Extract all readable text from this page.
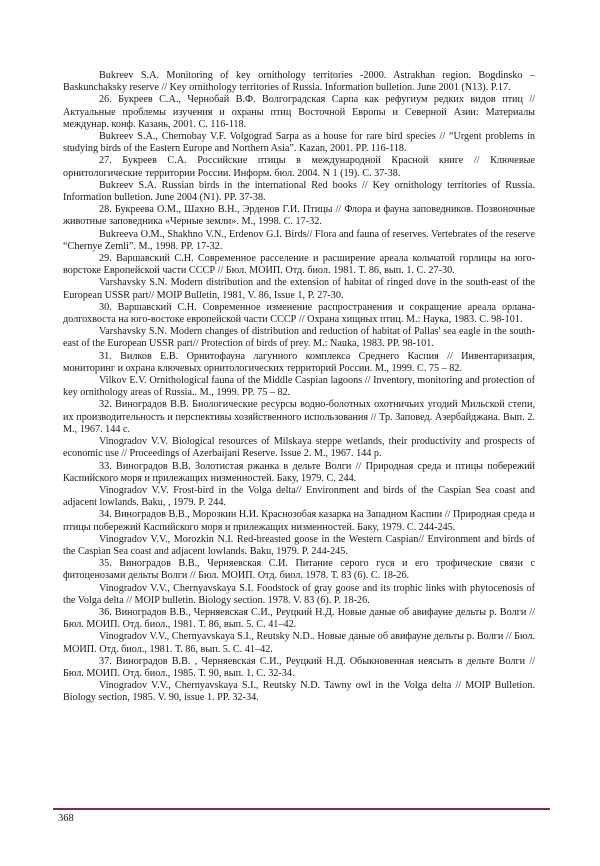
Bukreev S.A. Monitoring of key ornithology territories -2000. Astrakhan region. Bogdinsko – Baskunchaksky reserve // Key ornithology territories of Russia. Information bulletion. June 2001 (N13). P.17.

26. Букреев С.А., Чернобай В.Ф. Волгоградская Сарпа как рефугиум редких видов птиц // Актуальные проблемы изучения и охраны птиц Восточной Европы и Северной Азии: Материалы междунар. конф. Казань, 2001. С. 116-118.

Bukreev S.A., Chernobay V.F. Volgograd Sarpa as a house for rare bird species // “Urgent problems in studying birds of the Eastern Europe and Northern Asia”. Kazan, 2001. PP. 116-118.

27. Букреев С.А. Российские птицы в международной Красной книге // Ключевые орнитологические территории России. Информ. бюл. 2004. N 1 (19). С. 37-38.

Bukreev S.A. Russian birds in the international Red books // Key ornithology territories of Russia. Information bulletion. June 2004 (N1). PP. 37-38.

28. Букреева О.М., Шахно В.Н., Эрденов Г.И. Птицы // Флора и фауна заповедников. Позвоночные животные заповедника «Черные земли». М., 1998. С. 17-32.

Bukreeva O.M., Shakhno V.N., Erdenov G.I. Birds// Flora and fauna of reserves. Vertebrates of the reserve “Chernye Zemli”. M., 1998. PP. 17-32.

29. Варшавский С.Н. Современное расселение и расширение ареала кольчатой горлицы на юго-ворстоке Европейской части СССР // Бюл. МОИП. Отд. биол. 1981. Т. 86, вып. 1. С. 27-30.

Varshavsky S.N. Modern distribution and the extension of habitat of ringed dove in the south-east of the European USSR part// MOIP Bulletin, 1981, V. 86, Issue 1, P. 27-30.

30. Варшавский С.Н. Современное изменение распространения и сокращение ареала орлана-долгохвоста на юго-востоке европейской части СССР // Охрана хищных птиц. М.: Наука, 1983. С. 98-101.

Varshavsky S.N. Modern changes of distribution and reduction of habitat of Pallas' sea eagle in the south-east of the European USSR part// Protection of birds of prey. M.: Nauka, 1983. PP. 98-101.

31. Вилков Е.В. Орнитофауна лагунного комплекса Среднего Каспия // Инвентаризация, мониторинг и охрана ключевых орнитологических территорий России. М., 1999. С. 75 – 82.

Vilkov E.V. Ornithological fauna of the Middle Caspian lagoons // Inventory, monitoring and protection of key ornithology areas of Russia.. M., 1999. PP. 75 – 82.

32. Виноградов В.В. Биологические ресурсы водно-болотных охотничьих угодий Мильской степи, их производительность и перспективы хозяйственного использования // Тр. Заповед. Азербайджана. Вып. 2. М., 1967. 144 с.

Vinogradov V.V. Biological resources of Milskaya steppe wetlands, their productivity and prospects of economic use // Proceedings of Azerbaijani Reserve. Issue 2. M., 1967. 144 p.

33. Виноградов В.В. Золотистая ржанка в дельте Волги // Природная среда и птицы побережий Каспийского моря и прилежащих низменностей. Баку, 1979. С. 244.

Vinogradov V.V. Frost-bird in the Volga delta// Environment and birds of the Caspian Sea coast and adjacent lowlands. Baku, , 1979. P. 244.

34. Виноградов В.В., Морозкин Н.И. Краснозобая казарка на Западном Каспии // Природная среда и птицы побережий Каспийского моря и прилежащих низменностей. Баку, 1979. С. 244-245.

Vinogradov V.V., Morozkin N.I. Red-breasted goose in the Western Caspian// Environment and birds of the Caspian Sea coast and adjacent lowlands. Baku, 1979. P. 244-245.

35. Виноградов В.В., Черняевская С.И. Питание серого гуся и его трофические связи с фитоценозами дельты Волги // Бюл. МОИП. Отд. биол. 1978. Т. 83 (6). С. 18-26.

Vinogradov V.V., Chernyavskaya S.I. Foodstock of gray goose and its trophic links with phytocenosis of the Volga delta // MOIP bulletin. Biology section. 1978. V. 83 (6). P. 18-26.

36. Виноградов В.В., Черняевская С.И., Реуцкий Н.Д. Новые даные об авифауне дельты р. Волги // Бюл. МОИП. Отд. биол., 1981. Т. 86, вып. 5. С. 41–42.

Vinogradov V.V., Chernyavskaya S.I., Reutsky N.D.. Новые даные об авифауне дельты р. Волги // Бюл. МОИП. Отд. биол., 1981. Т. 86, вып. 5. С. 41–42.

37. Виноградов В.В. , Черняевская С.И., Реуцкий Н.Д. Обыкновенная неясыть в дельте Волги // Бюл. МОИП. Отд. биол., 1985. Т. 90, вып. 1. С. 32-34.

Vinogradov V.V., Chernyavskaya S.I., Reutsky N.D. Tawny owl in the Volga delta // MOIP Bulletion. Biology section, 1985. V. 90, issue 1. PP. 32-34.

368
